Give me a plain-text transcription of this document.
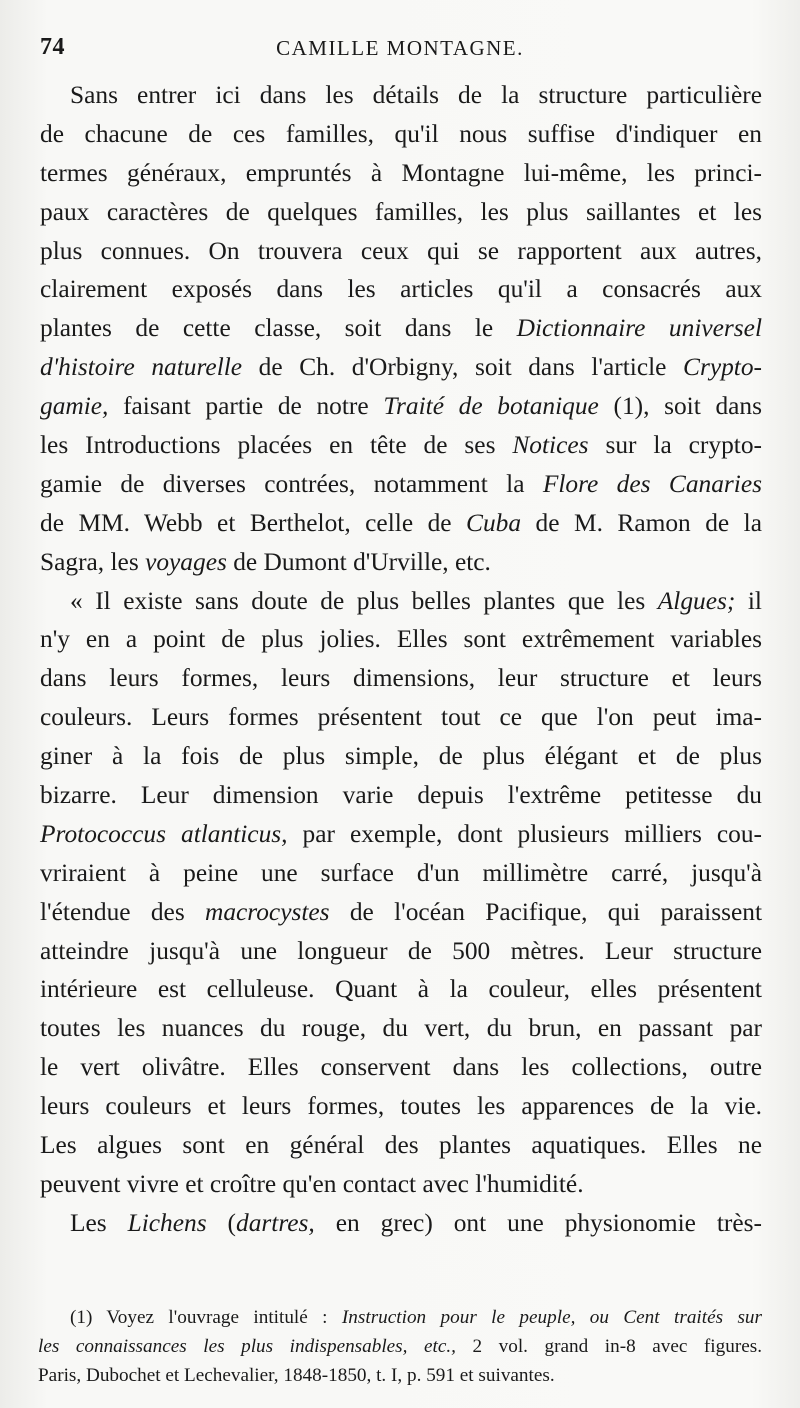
74	CAMILLE MONTAGNE.
Sans entrer ici dans les détails de la structure particulière
de chacune de ces familles, qu'il nous suffise d'indiquer en
termes généraux, empruntés à Montagne lui-même, les princi-
paux caractères de quelques familles, les plus saillantes et les
plus connues. On trouvera ceux qui se rapportent aux autres,
clairement exposés dans les articles qu'il a consacrés aux
plantes de cette classe, soit dans le Dictionnaire universel
d'histoire naturelle de Ch. d'Orbigny, soit dans l'article Crypto-
gamie, faisant partie de notre Traité de botanique (1), soit dans
les Introductions placées en tête de ses Notices sur la crypto-
gamie de diverses contrées, notamment la Flore des Canaries
de MM. Webb et Berthelot, celle de Cuba de M. Ramon de la
Sagra, les voyages de Dumont d'Urville, etc.
« Il existe sans doute de plus belles plantes que les Algues; il
n'y en a point de plus jolies. Elles sont extrêmement variables
dans leurs formes, leurs dimensions, leur structure et leurs
couleurs. Leurs formes présentent tout ce que l'on peut ima-
giner à la fois de plus simple, de plus élégant et de plus
bizarre. Leur dimension varie depuis l'extrême petitesse du
Protococcus atlanticus, par exemple, dont plusieurs milliers cou-
vriraient à peine une surface d'un millimètre carré, jusqu'à
l'étendue des macrocystes de l'océan Pacifique, qui paraissent
atteindre jusqu'à une longueur de 500 mètres. Leur structure
intérieure est celluleuse. Quant à la couleur, elles présentent
toutes les nuances du rouge, du vert, du brun, en passant par
le vert olivâtre. Elles conservent dans les collections, outre
leurs couleurs et leurs formes, toutes les apparences de la vie.
Les algues sont en général des plantes aquatiques. Elles ne
peuvent vivre et croître qu'en contact avec l'humidité.
Les Lichens (dartres, en grec) ont une physionomie très-
(1) Voyez l'ouvrage intitulé : Instruction pour le peuple, ou Cent traités sur
les connaissances les plus indispensables, etc., 2 vol. grand in-8 avec figures.
Paris, Dubochet et Lechevalier, 1848-1850, t. I, p. 591 et suivantes.
